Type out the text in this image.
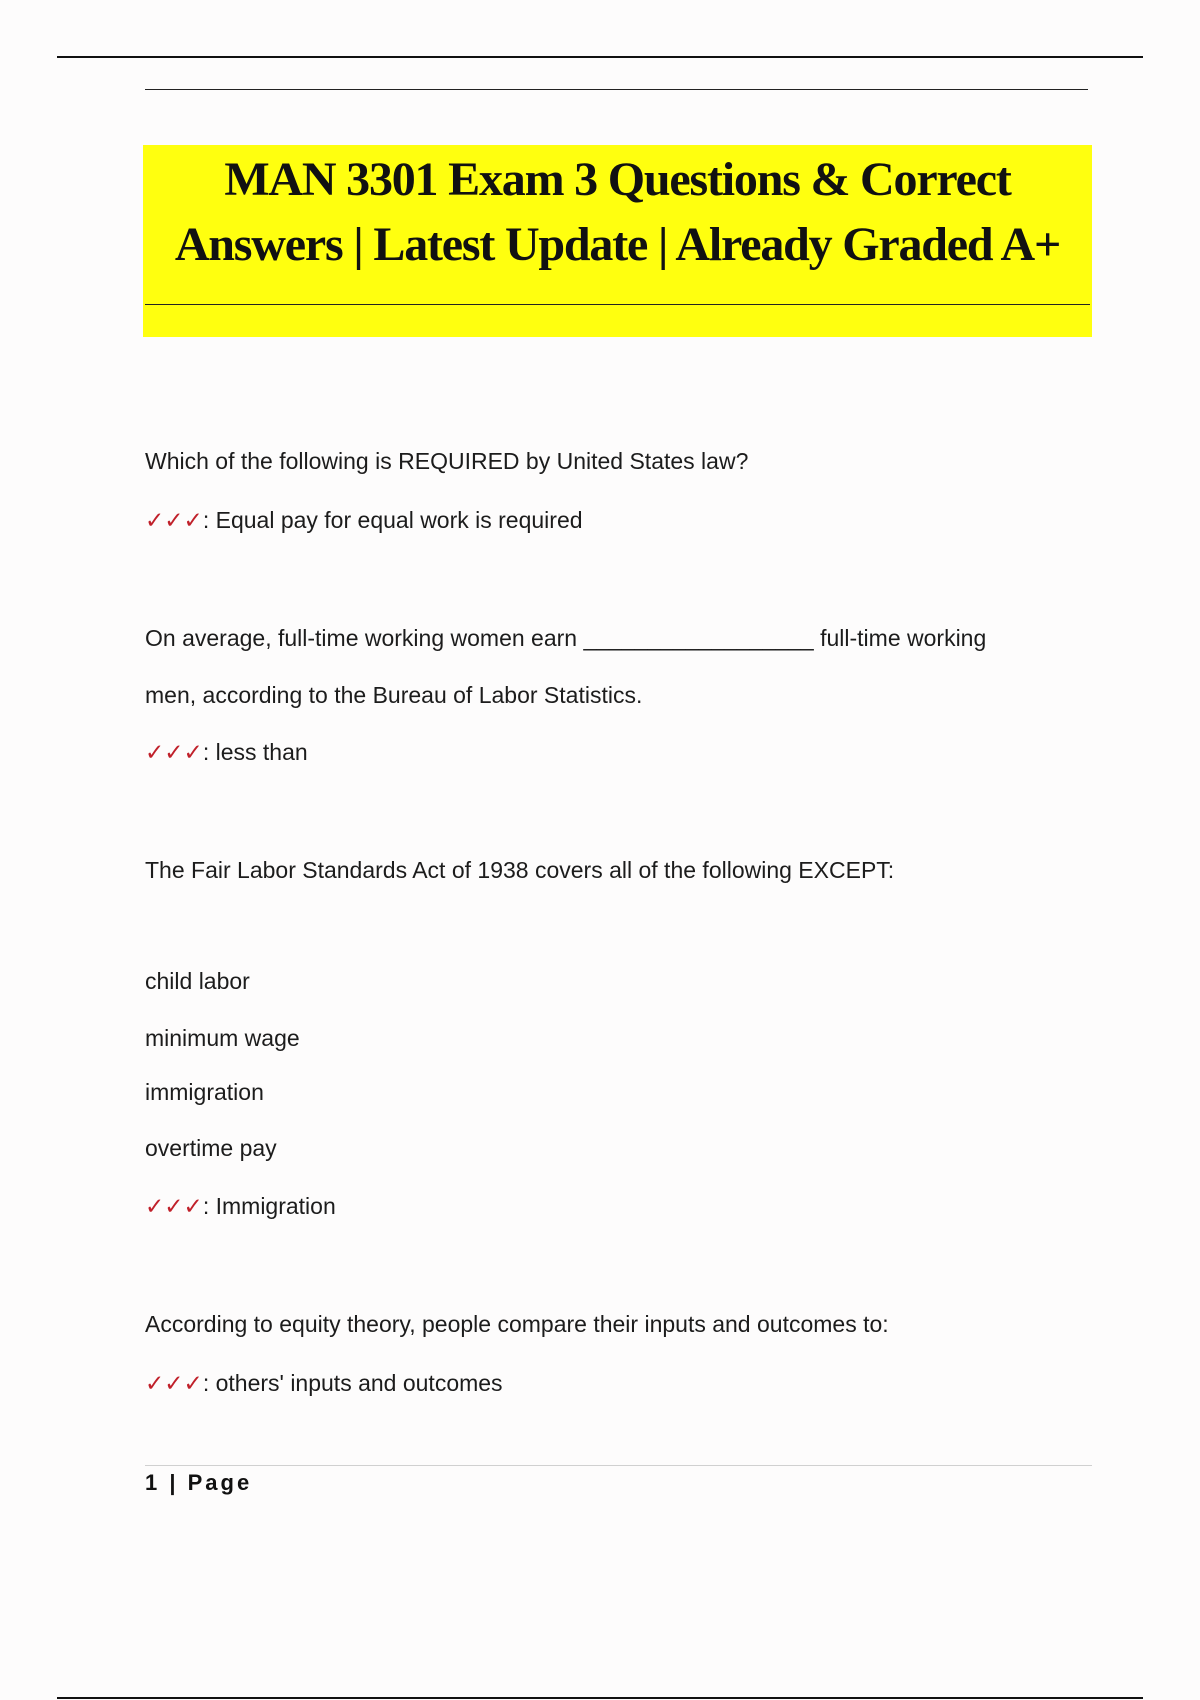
MAN 3301 Exam 3 Questions & Correct
Answers | Latest Update | Already Graded A+

Which of the following is REQUIRED by United States law?

✓✓✓: Equal pay for equal work is required

On average, full-time working women earn __________________ full-time working

men, according to the Bureau of Labor Statistics.

✓✓✓: less than

The Fair Labor Standards Act of 1938 covers all of the following EXCEPT:

child labor

minimum wage

immigration

overtime pay

✓✓✓: Immigration

According to equity theory, people compare their inputs and outcomes to:

✓✓✓: others' inputs and outcomes

1 | Page
